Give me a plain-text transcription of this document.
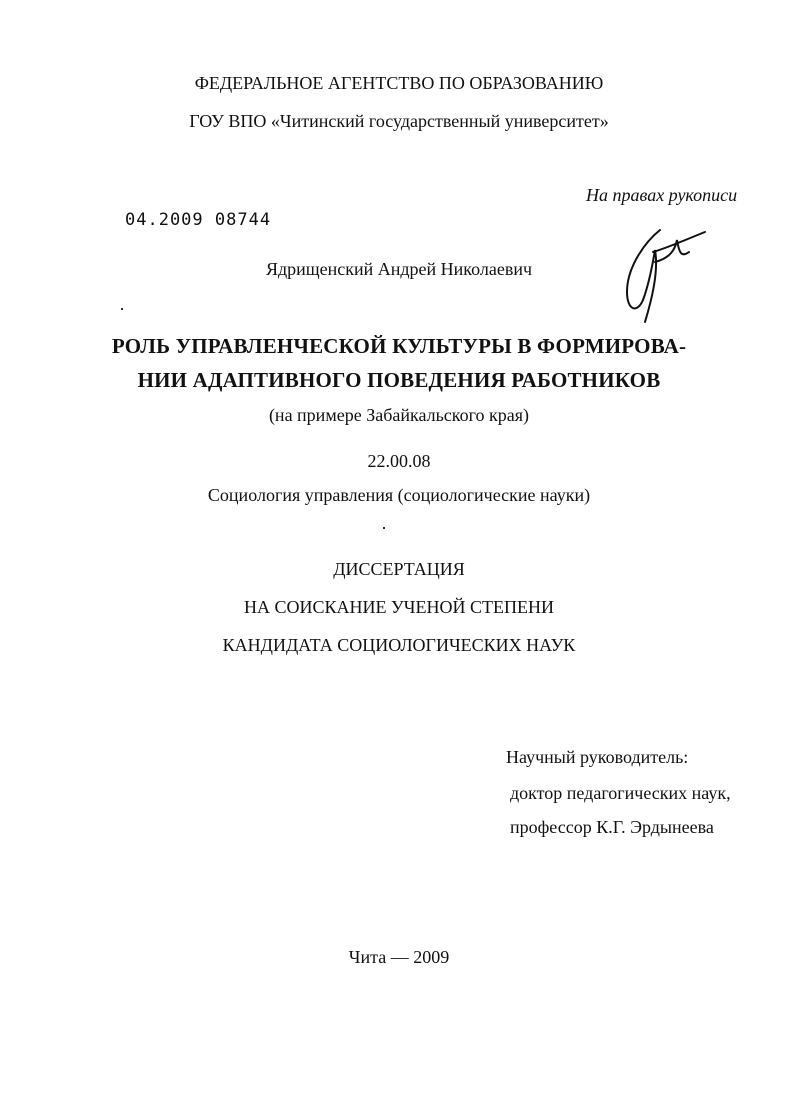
ФЕДЕРАЛЬНОЕ АГЕНТСТВО ПО ОБРАЗОВАНИЮ
ГОУ ВПО «Читинский государственный университет»
На правах рукописи
04.2009 08744
Ядрищенский Андрей Николаевич
РОЛЬ УПРАВЛЕНЧЕСКОЙ КУЛЬТУРЫ В ФОРМИРОВА-
НИИ АДАПТИВНОГО ПОВЕДЕНИЯ РАБОТНИКОВ
(на примере Забайкальского края)
22.00.08
Социология управления (социологические науки)
ДИССЕРТАЦИЯ
НА СОИСКАНИЕ УЧЕНОЙ СТЕПЕНИ
КАНДИДАТА СОЦИОЛОГИЧЕСКИХ НАУК
Научный руководитель:
доктор педагогических наук,
профессор К.Г. Эрдынеева
Чита — 2009
